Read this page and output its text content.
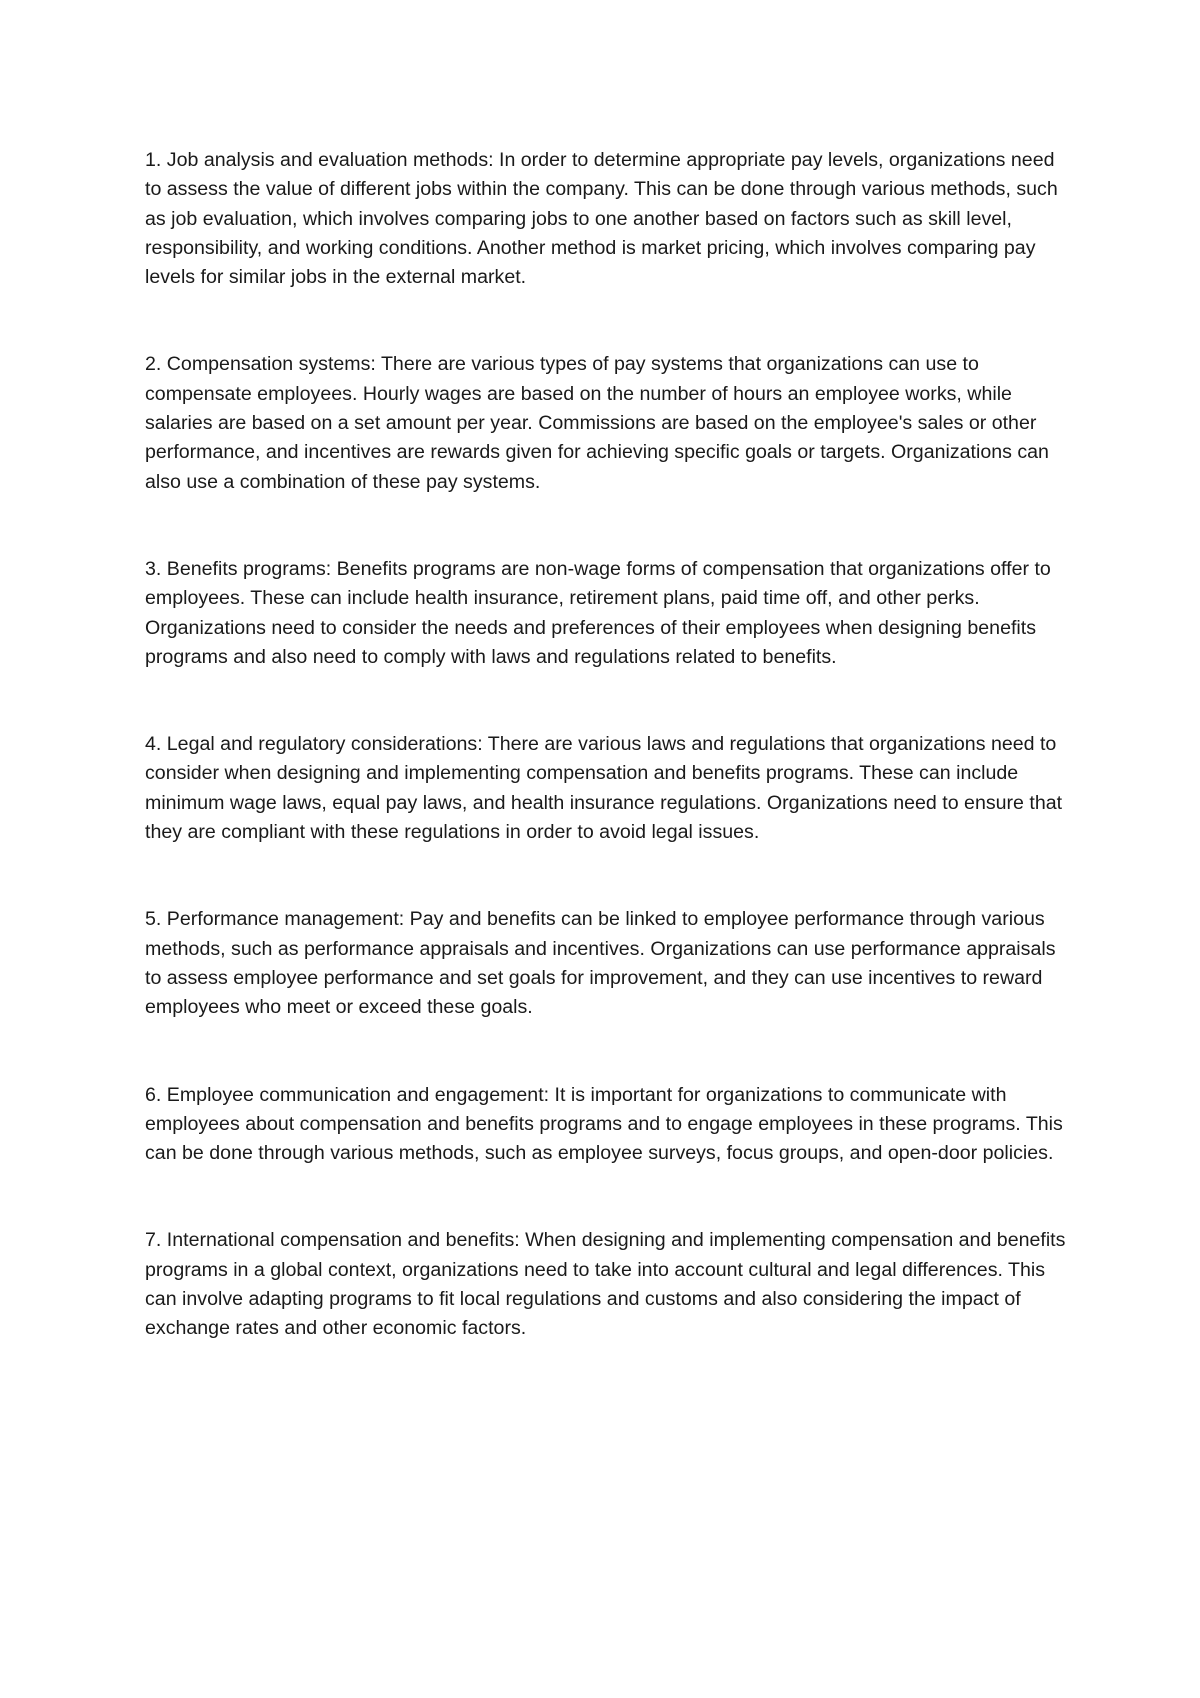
1. Job analysis and evaluation methods: In order to determine appropriate pay levels, organizations need to assess the value of different jobs within the company. This can be done through various methods, such as job evaluation, which involves comparing jobs to one another based on factors such as skill level, responsibility, and working conditions. Another method is market pricing, which involves comparing pay levels for similar jobs in the external market.

2. Compensation systems: There are various types of pay systems that organizations can use to compensate employees. Hourly wages are based on the number of hours an employee works, while salaries are based on a set amount per year. Commissions are based on the employee's sales or other performance, and incentives are rewards given for achieving specific goals or targets. Organizations can also use a combination of these pay systems.

3. Benefits programs: Benefits programs are non-wage forms of compensation that organizations offer to employees. These can include health insurance, retirement plans, paid time off, and other perks. Organizations need to consider the needs and preferences of their employees when designing benefits programs and also need to comply with laws and regulations related to benefits.

4. Legal and regulatory considerations: There are various laws and regulations that organizations need to consider when designing and implementing compensation and benefits programs. These can include minimum wage laws, equal pay laws, and health insurance regulations. Organizations need to ensure that they are compliant with these regulations in order to avoid legal issues.

5. Performance management: Pay and benefits can be linked to employee performance through various methods, such as performance appraisals and incentives. Organizations can use performance appraisals to assess employee performance and set goals for improvement, and they can use incentives to reward employees who meet or exceed these goals.

6. Employee communication and engagement: It is important for organizations to communicate with employees about compensation and benefits programs and to engage employees in these programs. This can be done through various methods, such as employee surveys, focus groups, and open-door policies.

7. International compensation and benefits: When designing and implementing compensation and benefits programs in a global context, organizations need to take into account cultural and legal differences. This can involve adapting programs to fit local regulations and customs and also considering the impact of exchange rates and other economic factors.
